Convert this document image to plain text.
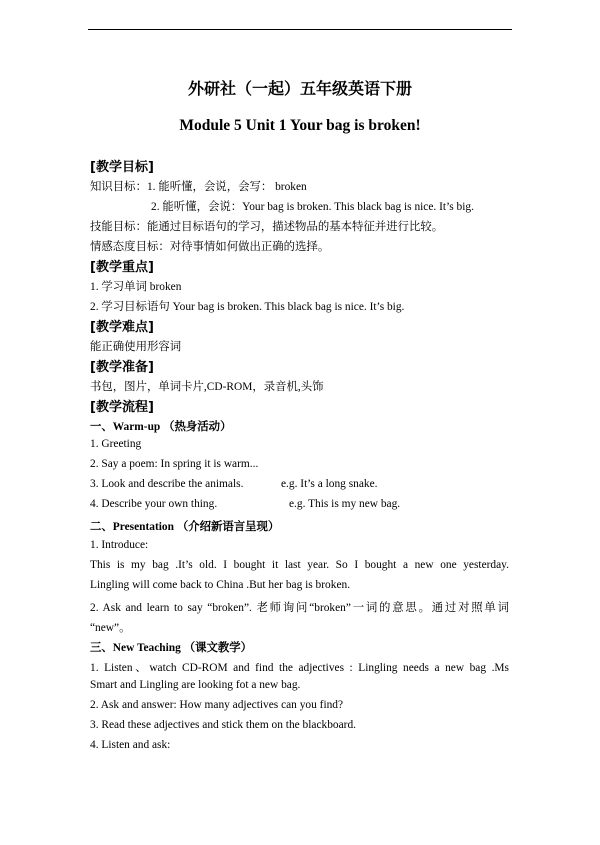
外研社（一起）五年级英语下册
Module 5 Unit 1 Your bag is broken!
[教学目标]
知识目标：1. 能听懂，会说，会写： broken
2. 能听懂，会说：Your bag is broken. This black bag is nice. It’s big.
技能目标：能通过目标语句的学习，描述物品的基本特征并进行比较。
情感态度目标：对待事情如何做出正确的选择。
[教学重点]
1. 学习单词 broken
2. 学习目标语句 Your bag is broken. This black bag is nice. It’s big.
[教学难点]
能正确使用形容词
[教学准备]
书包，图片，单词卡片,CD-ROM，录音机,头饰
[教学流程]
一、Warm-up （热身活动）
1. Greeting
2. Say a poem: In spring it is warm...
3. Look and describe the animals.	e.g. It’s a long snake.
4. Describe your own thing.	e.g. This is my new bag.
二、Presentation （介绍新语言呈现）
1. Introduce:
This is my bag .It’s old. I bought it last year. So I bought a new one yesterday.
Lingling will come back to China .But her bag is broken.
2. Ask and learn to say “broken”. 老师询问“broken”一词的意思。通过对照单词
“new”。
三、New Teaching （课文教学）
1. Listen、watch CD-ROM and find the adjectives : Lingling needs a new bag .Ms
Smart and Lingling are looking fot a new bag.
2. Ask and answer: How many adjectives can you find?
3. Read these adjectives and stick them on the blackboard.
4. Listen and ask:
